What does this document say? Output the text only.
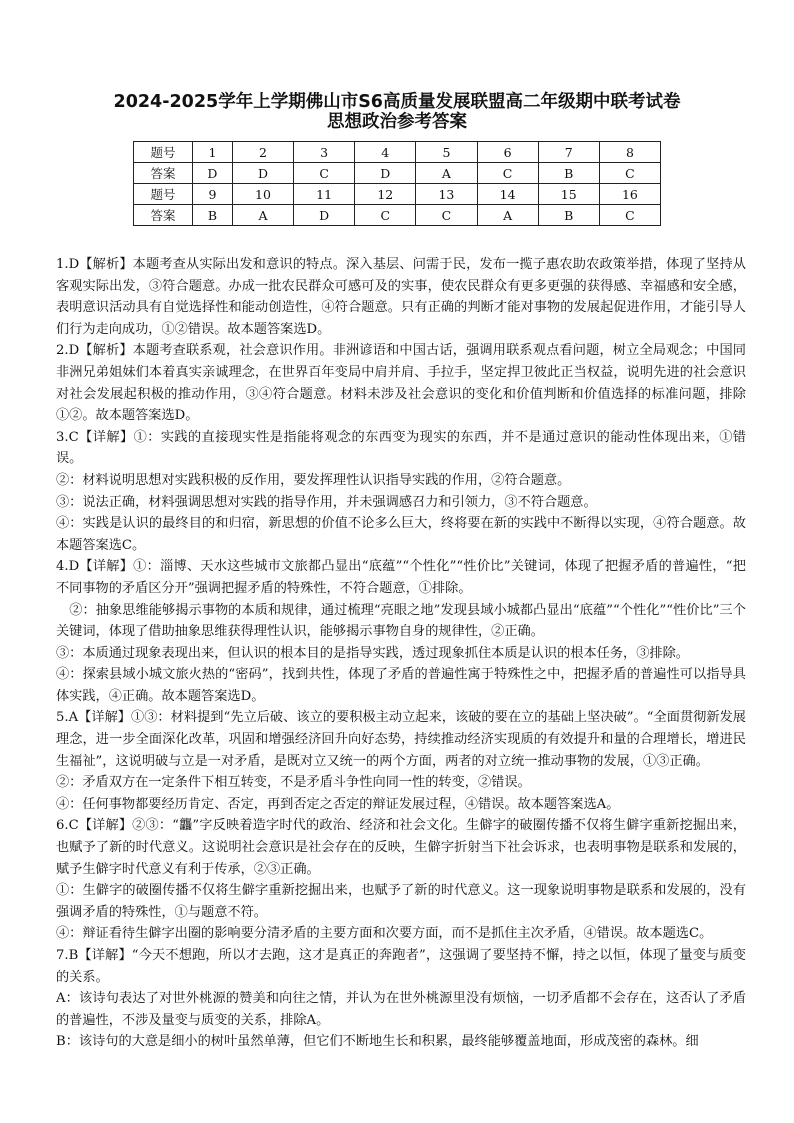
2024-2025学年上学期佛山市S6高质量发展联盟高二年级期中联考试卷
思想政治参考答案
题号	1	2	3	4	5	6	7	8
答案	D	D	C	D	A	C	B	C
题号	9	10	11	12	13	14	15	16
答案	B	A	D	C	C	A	B	C

1.D【解析】本题考查从实际出发和意识的特点。深入基层、问需于民，发布一揽子惠农助农政策举措，体现了坚持从客观实际出发，③符合题意。办成一批农民群众可感可及的实事，使农民群众有更多更强的获得感、幸福感和安全感，表明意识活动具有自觉选择性和能动创造性，④符合题意。只有正确的判断才能对事物的发展起促进作用，才能引导人们行为走向成功，①②错误。故本题答案选D。

2.D【解析】本题考查联系观，社会意识作用。非洲谚语和中国古话，强调用联系观点看问题，树立全局观念；中国同非洲兄弟姐妹们本着真实亲诚理念，在世界百年变局中肩并肩、手拉手，坚定捍卫彼此正当权益，说明先进的社会意识对社会发展起积极的推动作用，③④符合题意。材料未涉及社会意识的变化和价值判断和价值选择的标准问题，排除①②。故本题答案选D。

3.C【详解】①：实践的直接现实性是指能将观念的东西变为现实的东西，并不是通过意识的能动性体现出来，①错误。

②：材料说明思想对实践积极的反作用，要发挥理性认识指导实践的作用，②符合题意。

③：说法正确，材料强调思想对实践的指导作用，并未强调感召力和引领力，③不符合题意。

④：实践是认识的最终目的和归宿，新思想的价值不论多么巨大，终将要在新的实践中不断得以实现，④符合题意。故本题答案选C。

4.D【详解】①：淄博、天水这些城市文旅都凸显出“底蕴”“个性化”“性价比”关键词，体现了把握矛盾的普遍性，“把不同事物的矛盾区分开”强调把握矛盾的特殊性，不符合题意，①排除。

　②：抽象思维能够揭示事物的本质和规律，通过梳理“亮眼之地”发现县域小城都凸显出“底蕴”“个性化”“性价比”三个关键词，体现了借助抽象思维获得理性认识，能够揭示事物自身的规律性，②正确。

③：本质通过现象表现出来，但认识的根本目的是指导实践，透过现象抓住本质是认识的根本任务，③排除。

④：探索县域小城文旅火热的“密码”，找到共性，体现了矛盾的普遍性寓于特殊性之中，把握矛盾的普遍性可以指导具体实践，④正确。故本题答案选D。

5.A【详解】①③：材料提到“先立后破、该立的要积极主动立起来，该破的要在立的基础上坚决破”。“全面贯彻新发展理念，进一步全面深化改革，巩固和增强经济回升向好态势，持续推动经济实现质的有效提升和量的合理增长，增进民生福祉”，这说明破与立是一对矛盾，是既对立又统一的两个方面，两者的对立统一推动事物的发展，①③正确。

②：矛盾双方在一定条件下相互转变，不是矛盾斗争性向同一性的转变，②错误。

④：任何事物都要经历肯定、否定，再到否定之否定的辩证发展过程，④错误。故本题答案选A。

6.C【详解】②③：“龘”字反映着造字时代的政治、经济和社会文化。生僻字的破圈传播不仅将生僻字重新挖掘出来，也赋予了新的时代意义。这说明社会意识是社会存在的反映，生僻字折射当下社会诉求，也表明事物是联系和发展的，赋予生僻字时代意义有利于传承，②③正确。

①：生僻字的破圈传播不仅将生僻字重新挖掘出来，也赋予了新的时代意义。这一现象说明事物是联系和发展的，没有强调矛盾的特殊性，①与题意不符。

④：辩证看待生僻字出圈的影响要分清矛盾的主要方面和次要方面，而不是抓住主次矛盾，④错误。故本题选C。

7.B【详解】“今天不想跑，所以才去跑，这才是真正的奔跑者”，这强调了要坚持不懈，持之以恒，体现了量变与质变的关系。

A：该诗句表达了对世外桃源的赞美和向往之情，并认为在世外桃源里没有烦恼，一切矛盾都不会存在，这否认了矛盾的普遍性，不涉及量变与质变的关系，排除A。

B：该诗句的大意是细小的树叶虽然单薄，但它们不断地生长和积累，最终能够覆盖地面，形成茂密的森林。细
